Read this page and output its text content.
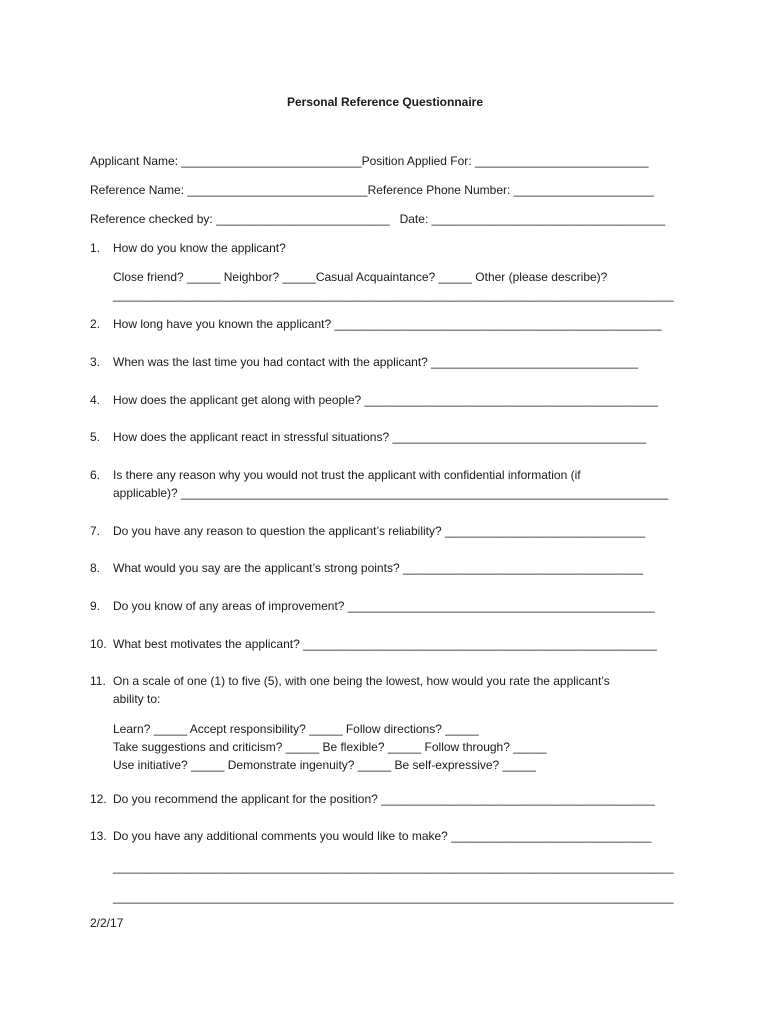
Personal Reference Questionnaire
Applicant Name: ___________________________Position Applied For: __________________________
Reference Name: ___________________________Reference Phone Number: _____________________
Reference checked by: __________________________   Date: ___________________________________
1. How do you know the applicant?
Close friend? _____ Neighbor? _____Casual Acquaintance? _____ Other (please describe)?
____________________________________________________________________________________
2. How long have you known the applicant? _________________________________________________
3. When was the last time you had contact with the applicant? _______________________________
4. How does the applicant get along with people? ____________________________________________
5. How does the applicant react in stressful situations? ______________________________________
6. Is there any reason why you would not trust the applicant with confidential information (if
applicable)? _________________________________________________________________________
7. Do you have any reason to question the applicant’s reliability? ______________________________
8. What would you say are the applicant’s strong points? ____________________________________
9. Do you know of any areas of improvement? ______________________________________________
10. What best motivates the applicant? _____________________________________________________
11. On a scale of one (1) to five (5), with one being the lowest, how would you rate the applicant’s
ability to:
Learn? _____ Accept responsibility? _____ Follow directions? _____
Take suggestions and criticism? _____ Be flexible? _____ Follow through? _____
Use initiative? _____ Demonstrate ingenuity? _____ Be self-expressive? _____
12. Do you recommend the applicant for the position? _________________________________________
13. Do you have any additional comments you would like to make? ______________________________
____________________________________________________________________________________
____________________________________________________________________________________
2/2/17
